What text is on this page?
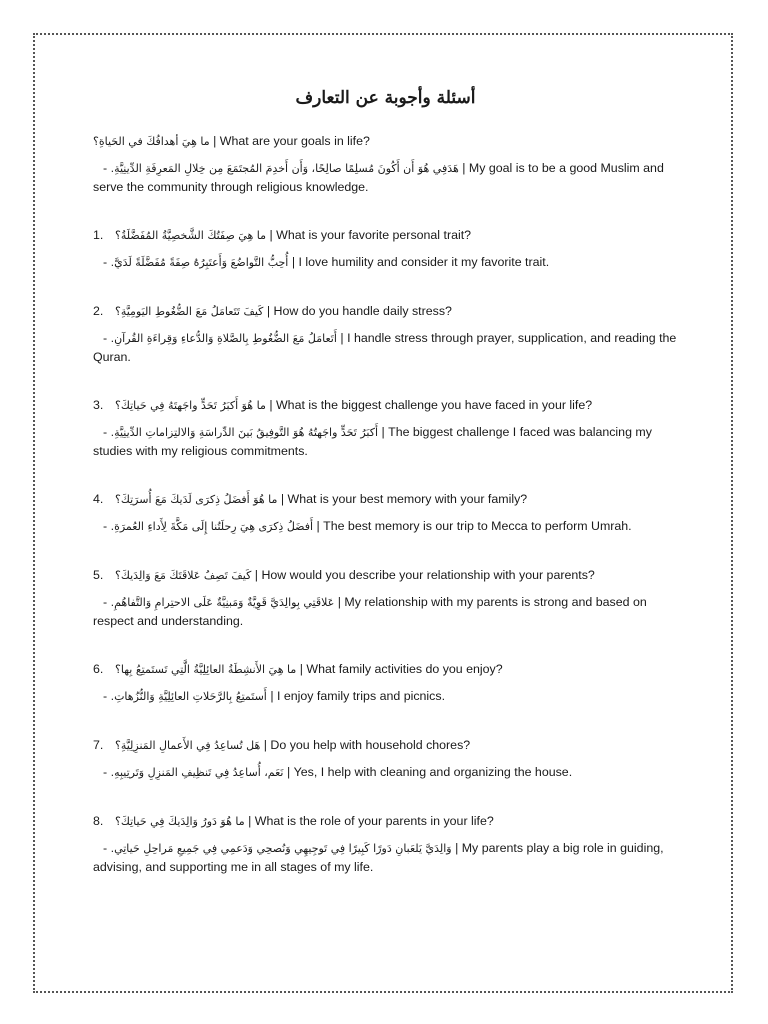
أسئلة وأجوبة عن التعارف

ما هِيَ أهدافُكَ في الحَياةِ؟ | What are your goals in life?

- هَدَفِي هُوَ أَن أَكُونَ مُسلِمًا صالِحًا، وَأَن أَخدِمَ المُجتَمَعَ مِن خِلالِ المَعرِفَةِ الدِّينِيَّةِ. | My goal is to be a good Muslim and serve the community through religious knowledge.

1. ما هِيَ صِفَتُكَ الشَّخصِيَّةُ المُفَضَّلَةُ؟ | What is your favorite personal trait?

- أُحِبُّ التَّواضُعَ وَأَعتَبِرُهُ صِفَةً مُفَضَّلَةً لَدَيَّ. | I love humility and consider it my favorite trait.

2. كَيفَ تَتَعامَلُ مَعَ الضُّغُوطِ اليَومِيَّةِ؟ | How do you handle daily stress?

- أَتَعامَلُ مَعَ الضُّغُوطِ بِالصَّلاةِ وَالدُّعاءِ وَقِراءَةِ القُرآنِ. | I handle stress through prayer, supplication, and reading the Quran.

3. ما هُوَ أَكبَرُ تَحَدٍّ واجَهتَهُ فِي حَياتِكَ؟ | What is the biggest challenge you have faced in your life?

- أَكبَرُ تَحَدٍّ واجَهتُهُ هُوَ التَّوفِيقُ بَينَ الدِّراسَةِ وَالالتِزاماتِ الدِّينِيَّةِ. | The biggest challenge I faced was balancing my studies with my religious commitments.

4. ما هُوَ أَفضَلُ ذِكرَى لَدَيكَ مَعَ أُسرَتِكَ؟ | What is your best memory with your family?

- أَفضَلُ ذِكرَى هِيَ رِحلَتُنا إِلَى مَكَّةَ لِأَداءِ العُمرَةِ. | The best memory is our trip to Mecca to perform Umrah.

5. كَيفَ تَصِفُ عَلاقَتَكَ مَعَ وَالِدَيكَ؟ | How would you describe your relationship with your parents?

- عَلاقَتِي بِوالِدَيَّ قَوِيَّةٌ وَمَبنِيَّةٌ عَلَى الاحتِرامِ وَالتَّفاهُمِ. | My relationship with my parents is strong and based on respect and understanding.

6. ما هِيَ الأَنشِطَةُ العائِلِيَّةُ الَّتِي تَستَمتِعُ بِها؟ | What family activities do you enjoy?

- أَستَمتِعُ بِالرَّحَلاتِ العائِلِيَّةِ وَالنُّزُهاتِ. | I enjoy family trips and picnics.

7. هَل تُساعِدُ فِي الأَعمالِ المَنزِلِيَّةِ؟ | Do you help with household chores?

- نَعَم، أُساعِدُ فِي تَنظِيفِ المَنزِلِ وَتَرتِيبِهِ. | Yes, I help with cleaning and organizing the house.

8. ما هُوَ دَورُ وَالِدَيكَ فِي حَياتِكَ؟ | What is the role of your parents in your life?

- وَالِدَيَّ يَلعَبانِ دَورًا كَبِيرًا فِي تَوجِيهِي وَنُصحِي وَدَعمِي فِي جَمِيعِ مَراحِلِ حَياتِي. | My parents play a big role in guiding, advising, and supporting me in all stages of my life.
